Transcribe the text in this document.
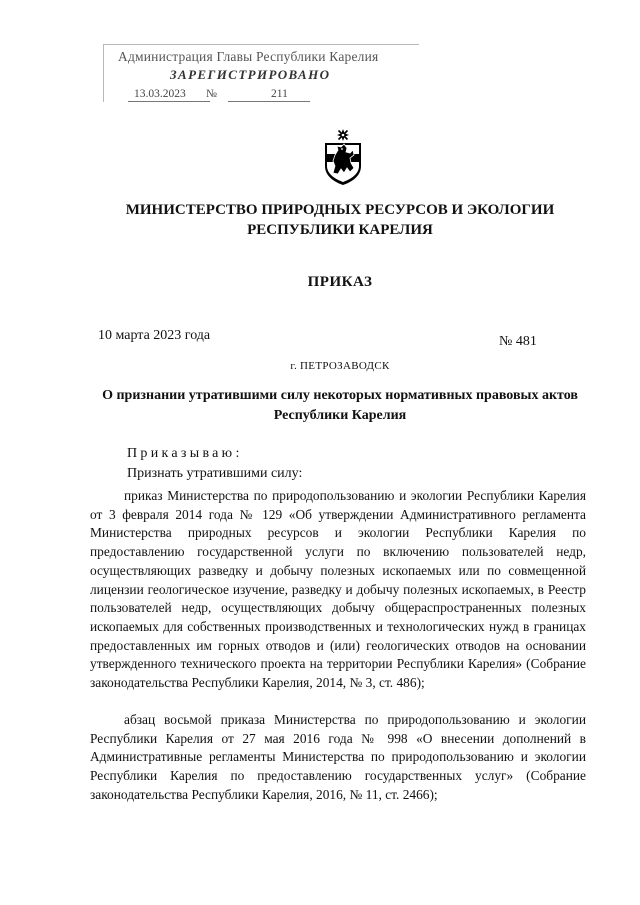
Администрация Главы Республики Карелия
ЗАРЕГИСТРИРОВАНО
13.03.2023 №	211
МИНИСТЕРСТВО ПРИРОДНЫХ РЕСУРСОВ И ЭКОЛОГИИ РЕСПУБЛИКИ КАРЕЛИЯ
ПРИКАЗ
10 марта 2023 года	№ 481
г. ПЕТРОЗАВОДСК
О признании утратившими силу некоторых нормативных правовых актов Республики Карелия
Приказываю:
Признать утратившими силу:

приказ Министерства по природопользованию и экологии Республики Карелия от 3 февраля 2014 года № 129 «Об утверждении Административного регламента Министерства природных ресурсов и экологии Республики Карелия по предоставлению государственной услуги по включению пользователей недр, осуществляющих разведку и добычу полезных ископаемых или по совмещенной лицензии геологическое изучение, разведку и добычу полезных ископаемых, в Реестр пользователей недр, осуществляющих добычу общераспространенных полезных ископаемых для собственных производственных и технологических нужд в границах предоставленных им горных отводов и (или) геологических отводов на основании утвержденного технического проекта на территории Республики Карелия» (Собрание законодательства Республики Карелия, 2014, № 3, ст. 486);

абзац восьмой приказа Министерства по природопользованию и экологии Республики Карелия от 27 мая 2016 года № 998 «О внесении дополнений в Административные регламенты Министерства по природопользованию и экологии Республики Карелия по предоставлению государственных услуг» (Собрание законодательства Республики Карелия, 2016, № 11, ст. 2466);
